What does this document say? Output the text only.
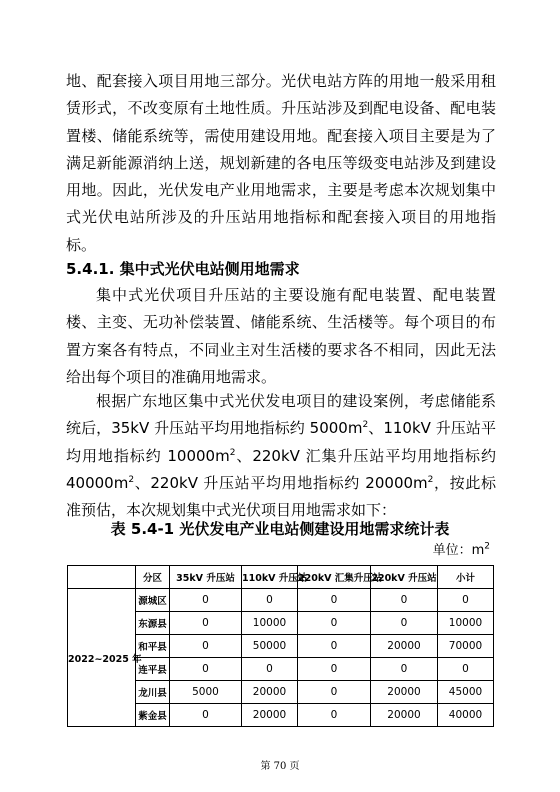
地、配套接入项目用地三部分。光伏电站方阵的用地一般采用租赁形式，不改变原有土地性质。升压站涉及到配电设备、配电装置楼、储能系统等，需使用建设用地。配套接入项目主要是为了满足新能源消纳上送，规划新建的各电压等级变电站涉及到建设用地。因此，光伏发电产业用地需求，主要是考虑本次规划集中式光伏电站所涉及的升压站用地指标和配套接入项目的用地指标。

5.4.1. 集中式光伏电站侧用地需求

集中式光伏项目升压站的主要设施有配电装置、配电装置楼、主变、无功补偿装置、储能系统、生活楼等。每个项目的布置方案各有特点，不同业主对生活楼的要求各不相同，因此无法给出每个项目的准确用地需求。

根据广东地区集中式光伏发电项目的建设案例，考虑储能系统后，35kV 升压站平均用地指标约 $5000m^2$、110kV 升压站平均用地指标约 $10000m^2$、220kV 汇集升压站平均用地指标约 $40000m^2$、220kV 升压站平均用地指标约 $20000m^2$，按此标准预估，本次规划集中式光伏项目用地需求如下：

表 5.4-1 光伏发电产业电站侧建设用地需求统计表

单位：$m^2$
	分区	35kV 升压站	110kV 升压站	220kV 汇集升压站	220kV 升压站	小计
2022~2025 年	源城区	0	0	0	0	0
	东源县	0	10000	0	0	10000
	和平县	0	50000	0	20000	70000
	连平县	0	0	0	0	0
	龙川县	5000	20000	0	20000	45000
	紫金县	0	20000	0	20000	40000
第 70 页
